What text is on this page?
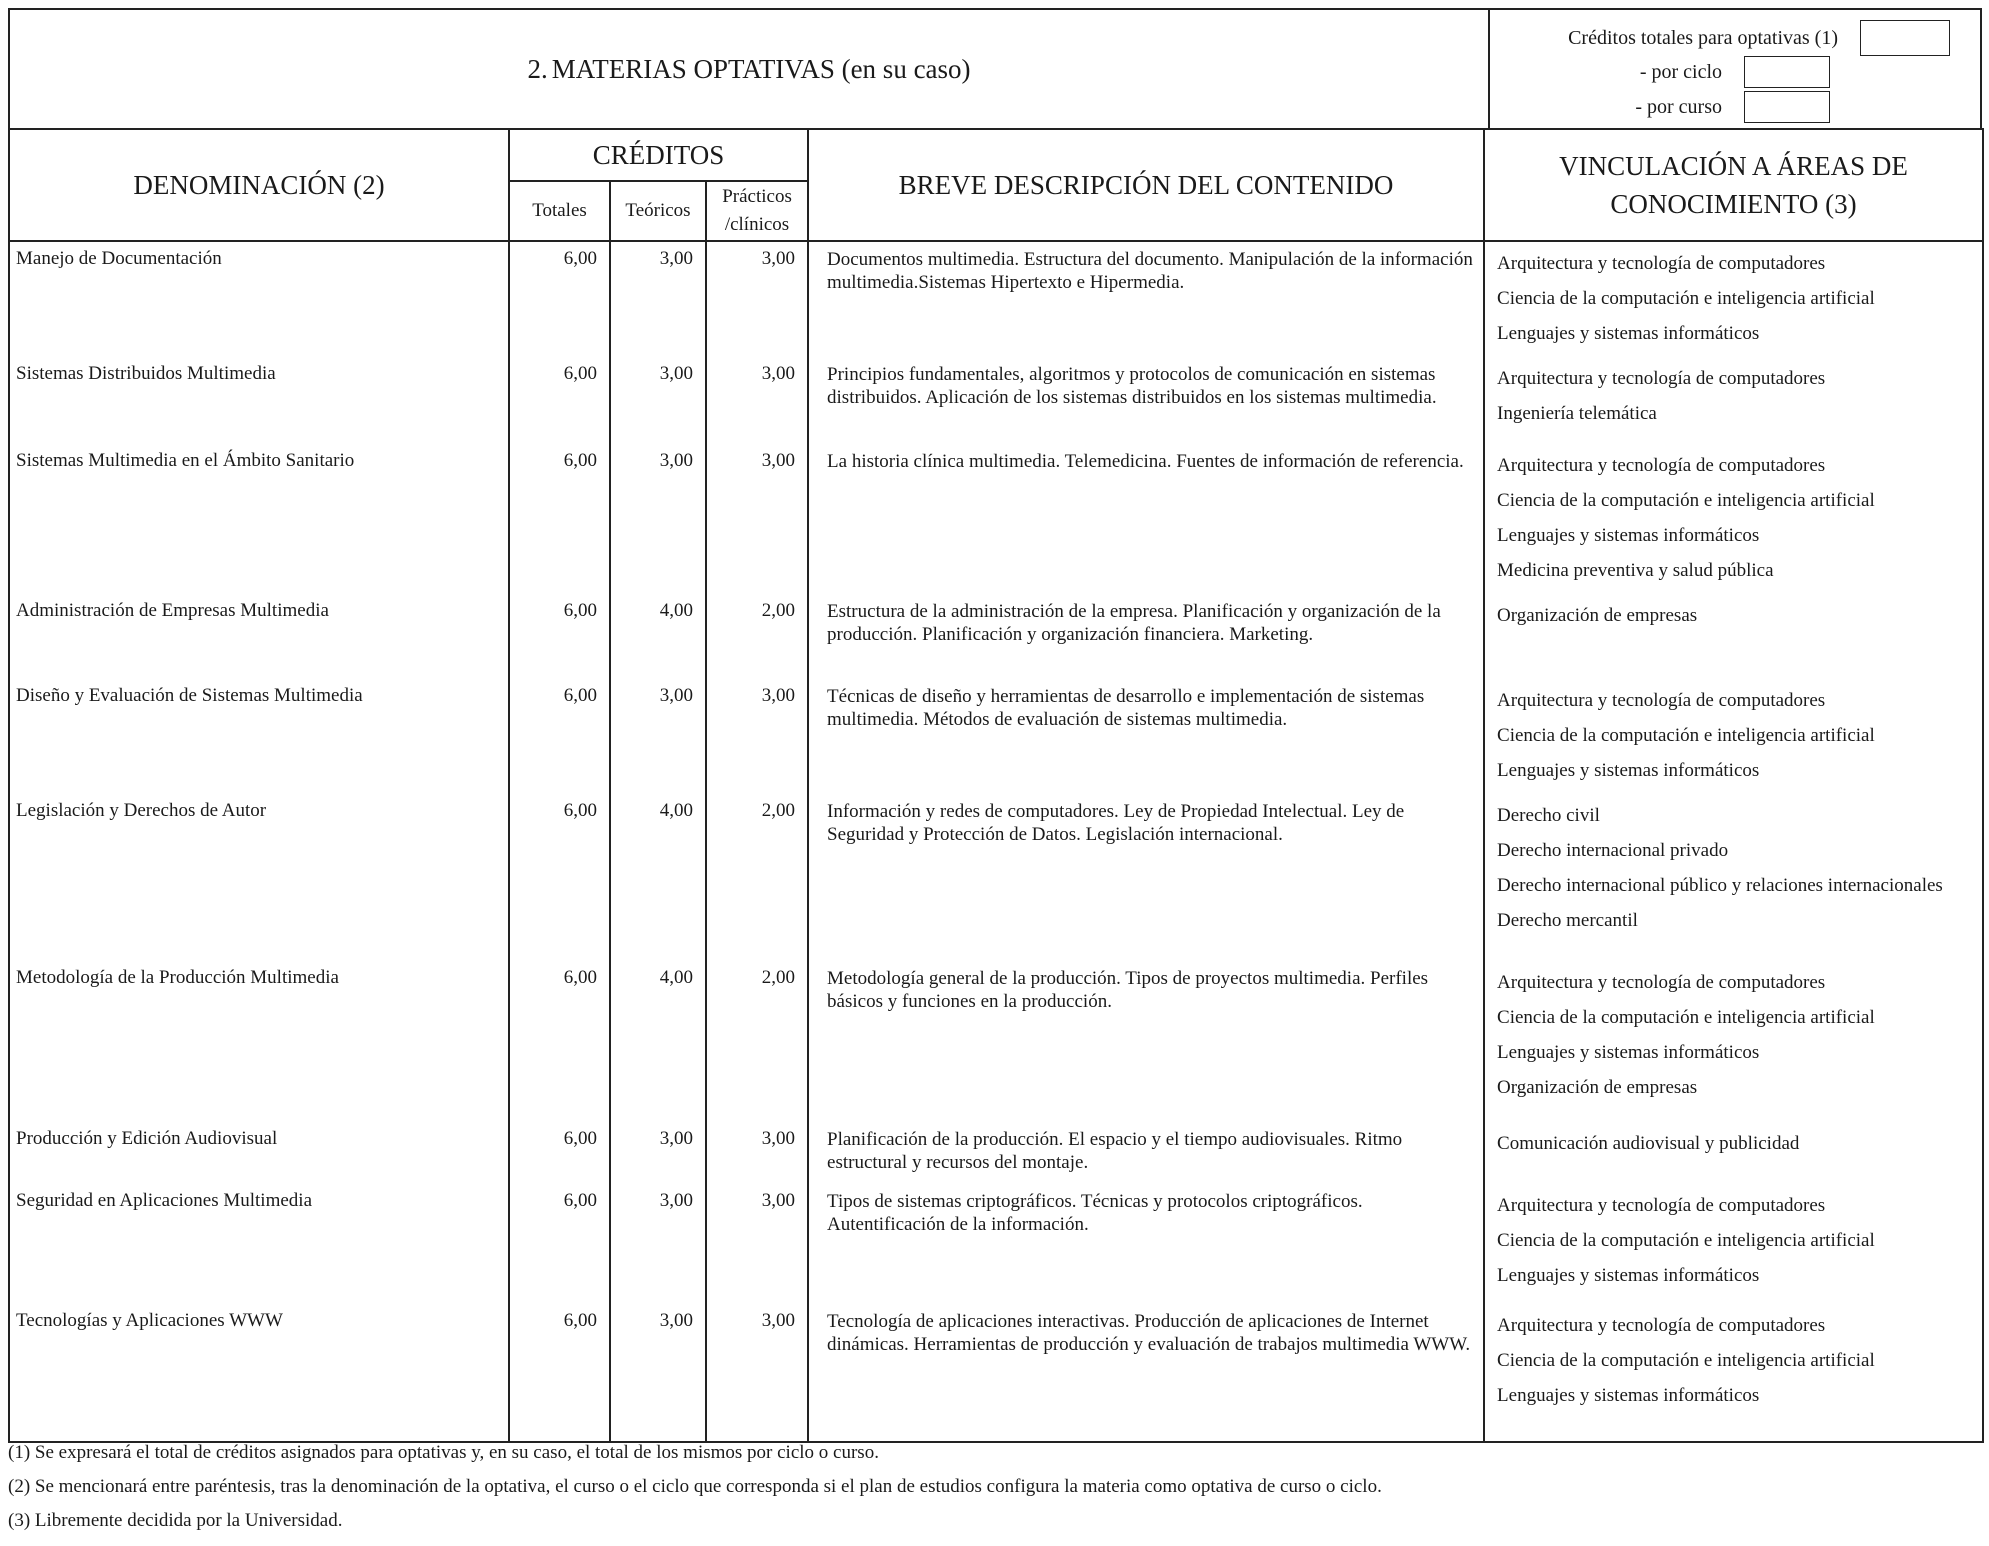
2. MATERIAS OPTATIVAS (en su caso)
Créditos totales para optativas (1)
- por ciclo
- por curso
DENOMINACIÓN (2)	CRÉDITOS			BREVE DESCRIPCIÓN DEL CONTENIDO	VINCULACIÓN A ÁREAS DE
CONOCIMIENTO (3)

	Totales	Teóricos	Prácticos
/clínicos		

Manejo de Documentación	6,00	3,00	3,00	Documentos multimedia. Estructura del documento. Manipulación de la información multimedia.Sistemas Hipertexto e Hipermedia.	Arquitectura y tecnología de computadores
Ciencia de la computación e inteligencia artificial
Lenguajes y sistemas informáticos

Sistemas Distribuidos Multimedia	6,00	3,00	3,00	Principios fundamentales, algoritmos y protocolos de comunicación en sistemas distribuidos. Aplicación de los sistemas distribuidos en los sistemas multimedia.	Arquitectura y tecnología de computadores
Ingeniería telemática

Sistemas Multimedia en el Ámbito Sanitario	6,00	3,00	3,00	La historia clínica multimedia. Telemedicina. Fuentes de información de referencia.	Arquitectura y tecnología de computadores
Ciencia de la computación e inteligencia artificial
Lenguajes y sistemas informáticos
Medicina preventiva y salud pública

Administración de Empresas Multimedia	6,00	4,00	2,00	Estructura de la administración de la empresa. Planificación y organización de la producción. Planificación y organización financiera. Marketing.	Organización de empresas

Diseño y Evaluación de Sistemas Multimedia	6,00	3,00	3,00	Técnicas de diseño y herramientas de desarrollo e implementación de sistemas multimedia. Métodos de evaluación de sistemas multimedia.	Arquitectura y tecnología de computadores
Ciencia de la computación e inteligencia artificial
Lenguajes y sistemas informáticos

Legislación y Derechos de Autor	6,00	4,00	2,00	Información y redes de computadores. Ley de Propiedad Intelectual. Ley de Seguridad y Protección de Datos. Legislación internacional.	Derecho civil
Derecho internacional privado
Derecho internacional público y relaciones internacionales
Derecho mercantil

Metodología de la Producción Multimedia	6,00	4,00	2,00	Metodología general de la producción. Tipos de proyectos multimedia. Perfiles básicos y funciones en la producción.	Arquitectura y tecnología de computadores
Ciencia de la computación e inteligencia artificial
Lenguajes y sistemas informáticos
Organización de empresas

Producción y Edición Audiovisual	6,00	3,00	3,00	Planificación de la producción. El espacio y el tiempo audiovisuales. Ritmo estructural y recursos del montaje.	Comunicación audiovisual y publicidad

Seguridad en Aplicaciones Multimedia	6,00	3,00	3,00	Tipos de sistemas criptográficos. Técnicas y protocolos criptográficos. Autentificación de la información.	Arquitectura y tecnología de computadores
Ciencia de la computación e inteligencia artificial
Lenguajes y sistemas informáticos

Tecnologías y Aplicaciones WWW	6,00	3,00	3,00	Tecnología de aplicaciones interactivas. Producción de aplicaciones de Internet dinámicas. Herramientas de producción y evaluación de trabajos multimedia WWW.	Arquitectura y tecnología de computadores
Ciencia de la computación e inteligencia artificial
Lenguajes y sistemas informáticos
(1) Se expresará el total de créditos asignados para optativas y, en su caso, el total de los mismos por ciclo o curso.
(2) Se mencionará entre paréntesis, tras la denominación de la optativa, el curso o el ciclo que corresponda si el plan de estudios configura la materia como optativa de curso o ciclo.
(3) Libremente decidida por la Universidad.
